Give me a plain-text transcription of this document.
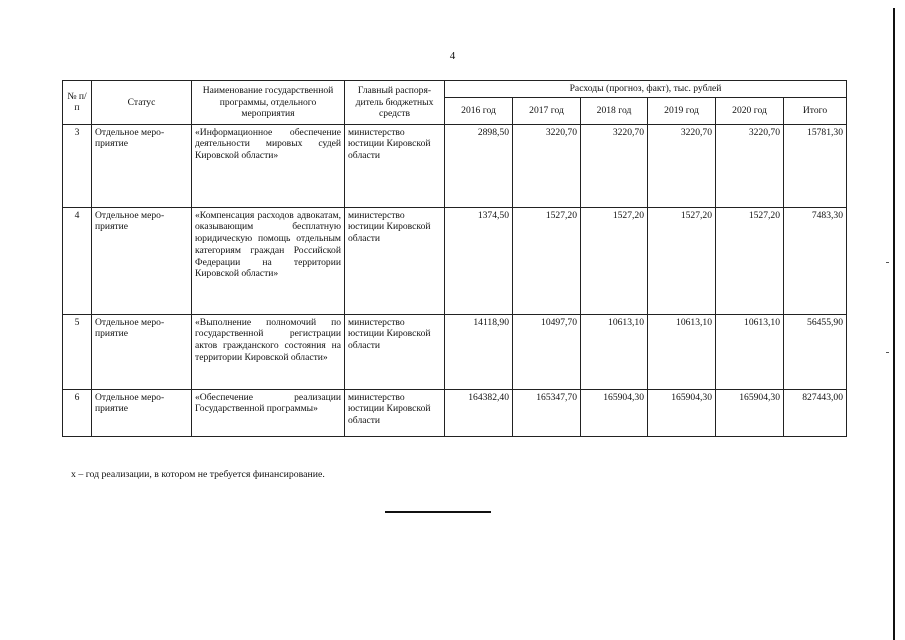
4
№ п/п	Статус	Наименование государственной программы, отдельного мероприятия	Главный распорядитель бюджетных средств	Расходы (прогноз, факт), тыс. рублей					
				2016 год	2017 год	2018 год	2019 год	2020 год	Итого
3	Отдельное мероприятие	«Информационное обеспечение деятельности мировых судей Кировской области»	министерство юстиции Кировской области	2898,50	3220,70	3220,70	3220,70	3220,70	15781,30
4	Отдельное мероприятие	«Компенсация расходов адвокатам, оказывающим бесплатную юридическую помощь отдельным категориям граждан Российской Федерации на территории Кировской области»	министерство юстиции Кировской области	1374,50	1527,20	1527,20	1527,20	1527,20	7483,30
5	Отдельное мероприятие	«Выполнение полномочий по государственной регистрации актов гражданского состояния на территории Кировской области»	министерство юстиции Кировской области	14118,90	10497,70	10613,10	10613,10	10613,10	56455,90
6	Отдельное мероприятие	«Обеспечение реализации Государственной программы»	министерство юстиции Кировской области	164382,40	165347,70	165904,30	165904,30	165904,30	827443,00
x – год реализации, в котором не требуется финансирование.
